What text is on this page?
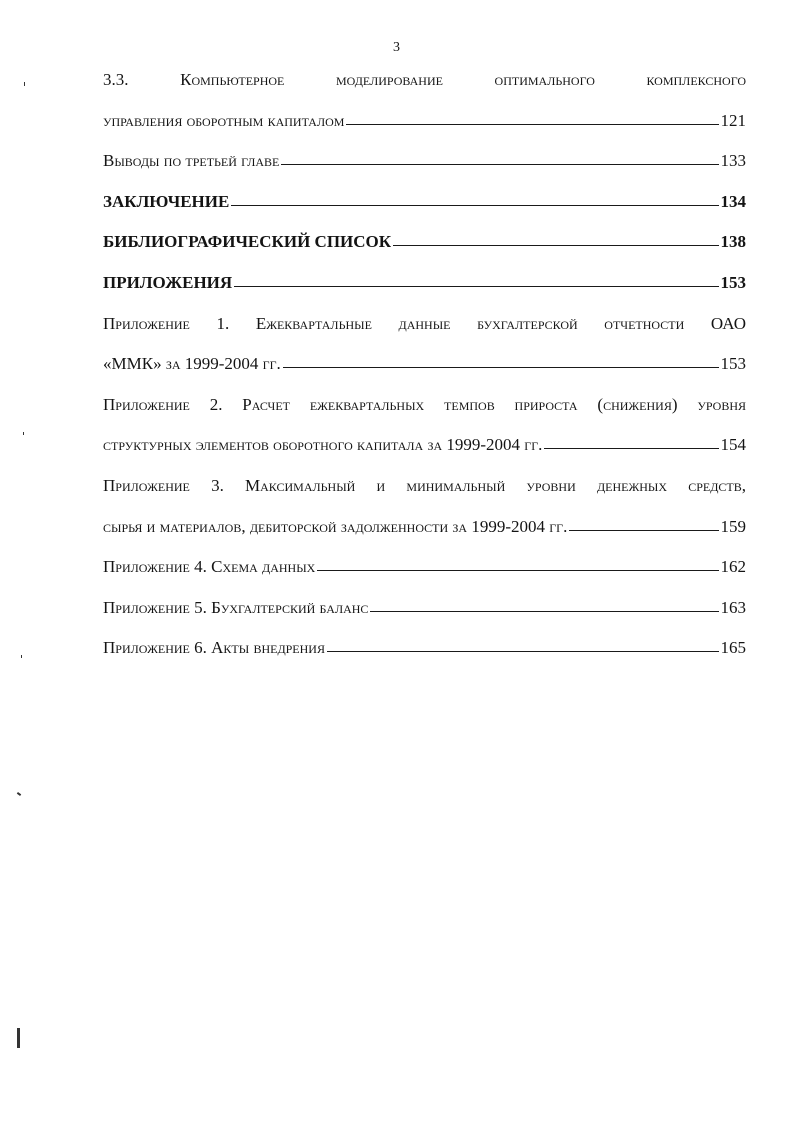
3
3.3. Компьютерное моделирование оптимального комплексного
управления оборотным капиталом	121
Выводы по третьей главе	133
ЗАКЛЮЧЕНИЕ	134
БИБЛИОГРАФИЧЕСКИЙ СПИСОК	138
ПРИЛОЖЕНИЯ	153
Приложение 1. Ежеквартальные данные бухгалтерской отчетности ОАО
«ММК» за 1999-2004 гг.	153
Приложение 2. Расчет ежеквартальных темпов прироста (снижения) уровня
структурных элементов оборотного капитала за 1999-2004 гг.	154
Приложение 3. Максимальный и минимальный уровни денежных средств,
сырья и материалов, дебиторской задолженности за 1999-2004 гг.	159
Приложение 4. Схема данных	162
Приложение 5. Бухгалтерский баланс	163
Приложение 6. Акты внедрения	165
